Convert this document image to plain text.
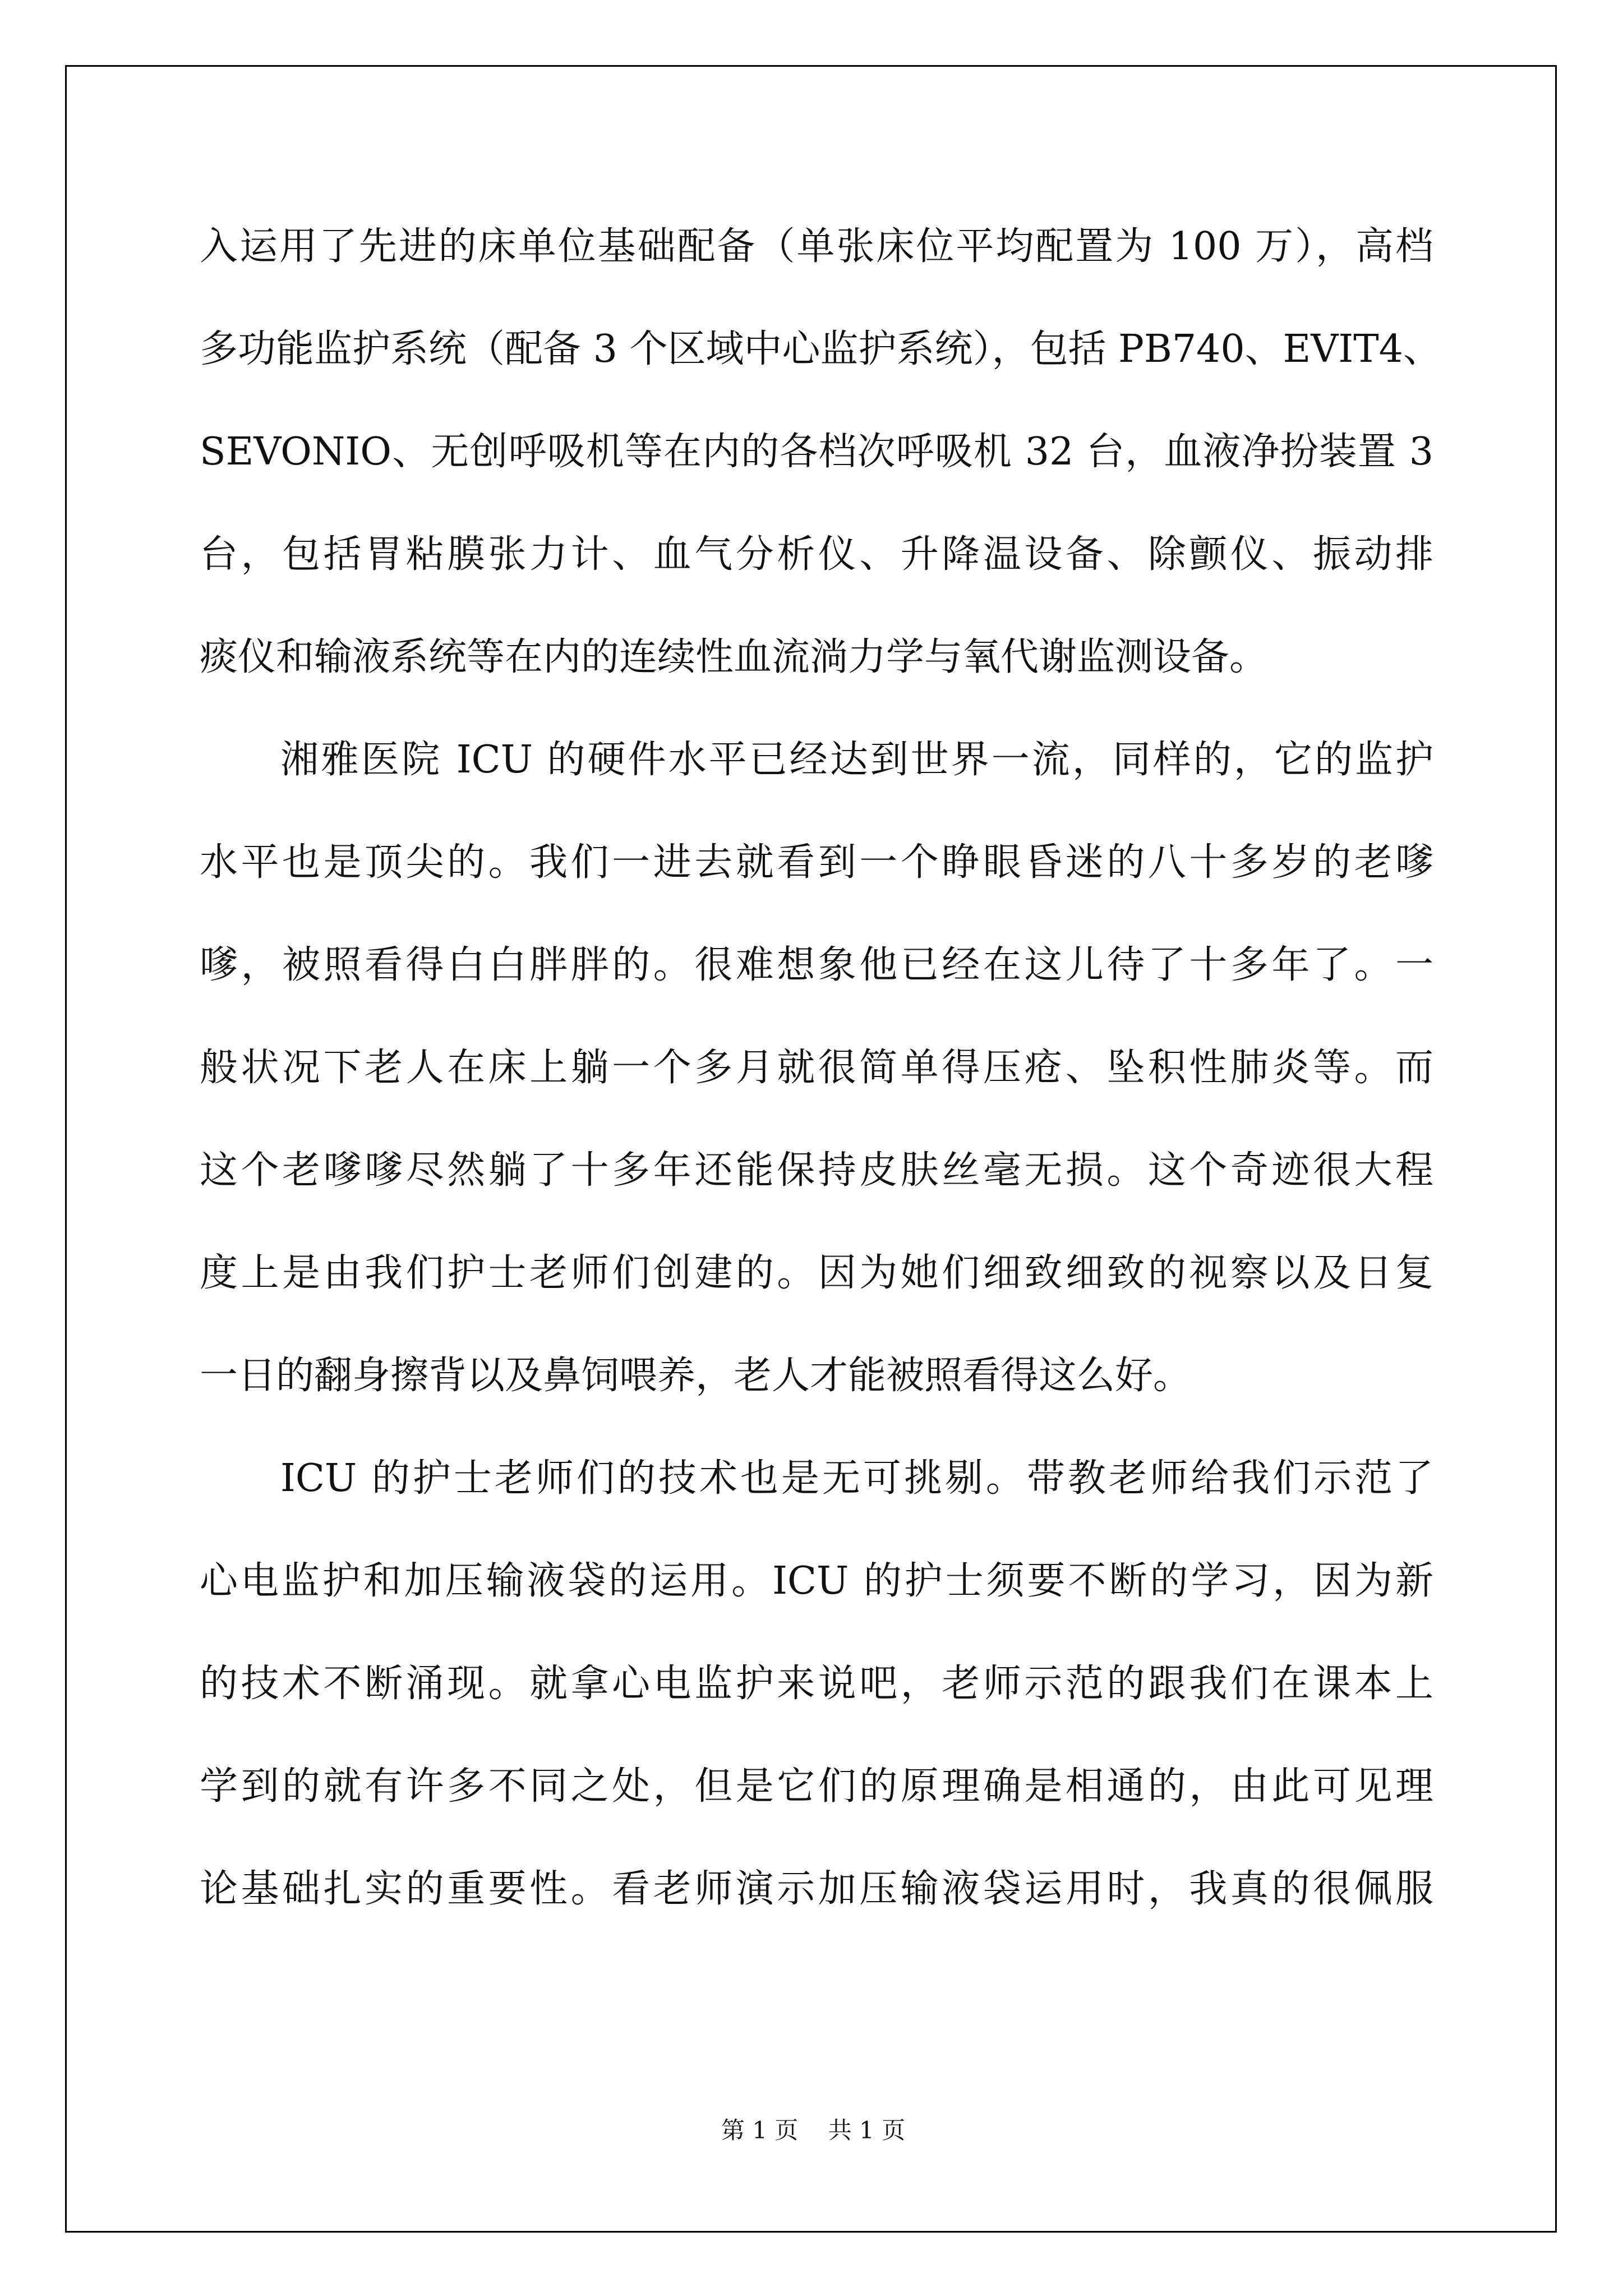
入运用了先进的床单位基础配备（单张床位平均配置为 100 万），高档
多功能监护系统（配备 3 个区域中心监护系统），包括 PB740、EVIT4、
SEVONIO、无创呼吸机等在内的各档次呼吸机 32 台，血液净扮装置 3
台，包括胃粘膜张力计、血气分析仪、升降温设备、除颤仪、振动排
痰仪和输液系统等在内的连续性血流淌力学与氧代谢监测设备。
湘雅医院 ICU 的硬件水平已经达到世界一流，同样的，它的监护
水平也是顶尖的。我们一进去就看到一个睁眼昏迷的八十多岁的老嗲
嗲，被照看得白白胖胖的。很难想象他已经在这儿待了十多年了。一
般状况下老人在床上躺一个多月就很简单得压疮、坠积性肺炎等。而
这个老嗲嗲尽然躺了十多年还能保持皮肤丝毫无损。这个奇迹很大程
度上是由我们护士老师们创建的。因为她们细致细致的视察以及日复
一日的翻身擦背以及鼻饲喂养，老人才能被照看得这么好。
ICU 的护士老师们的技术也是无可挑剔。带教老师给我们示范了
心电监护和加压输液袋的运用。ICU 的护士须要不断的学习，因为新
的技术不断涌现。就拿心电监护来说吧，老师示范的跟我们在课本上
学到的就有许多不同之处，但是它们的原理确是相通的，由此可见理
论基础扎实的重要性。看老师演示加压输液袋运用时，我真的很佩服
第 1 页    共 1 页
